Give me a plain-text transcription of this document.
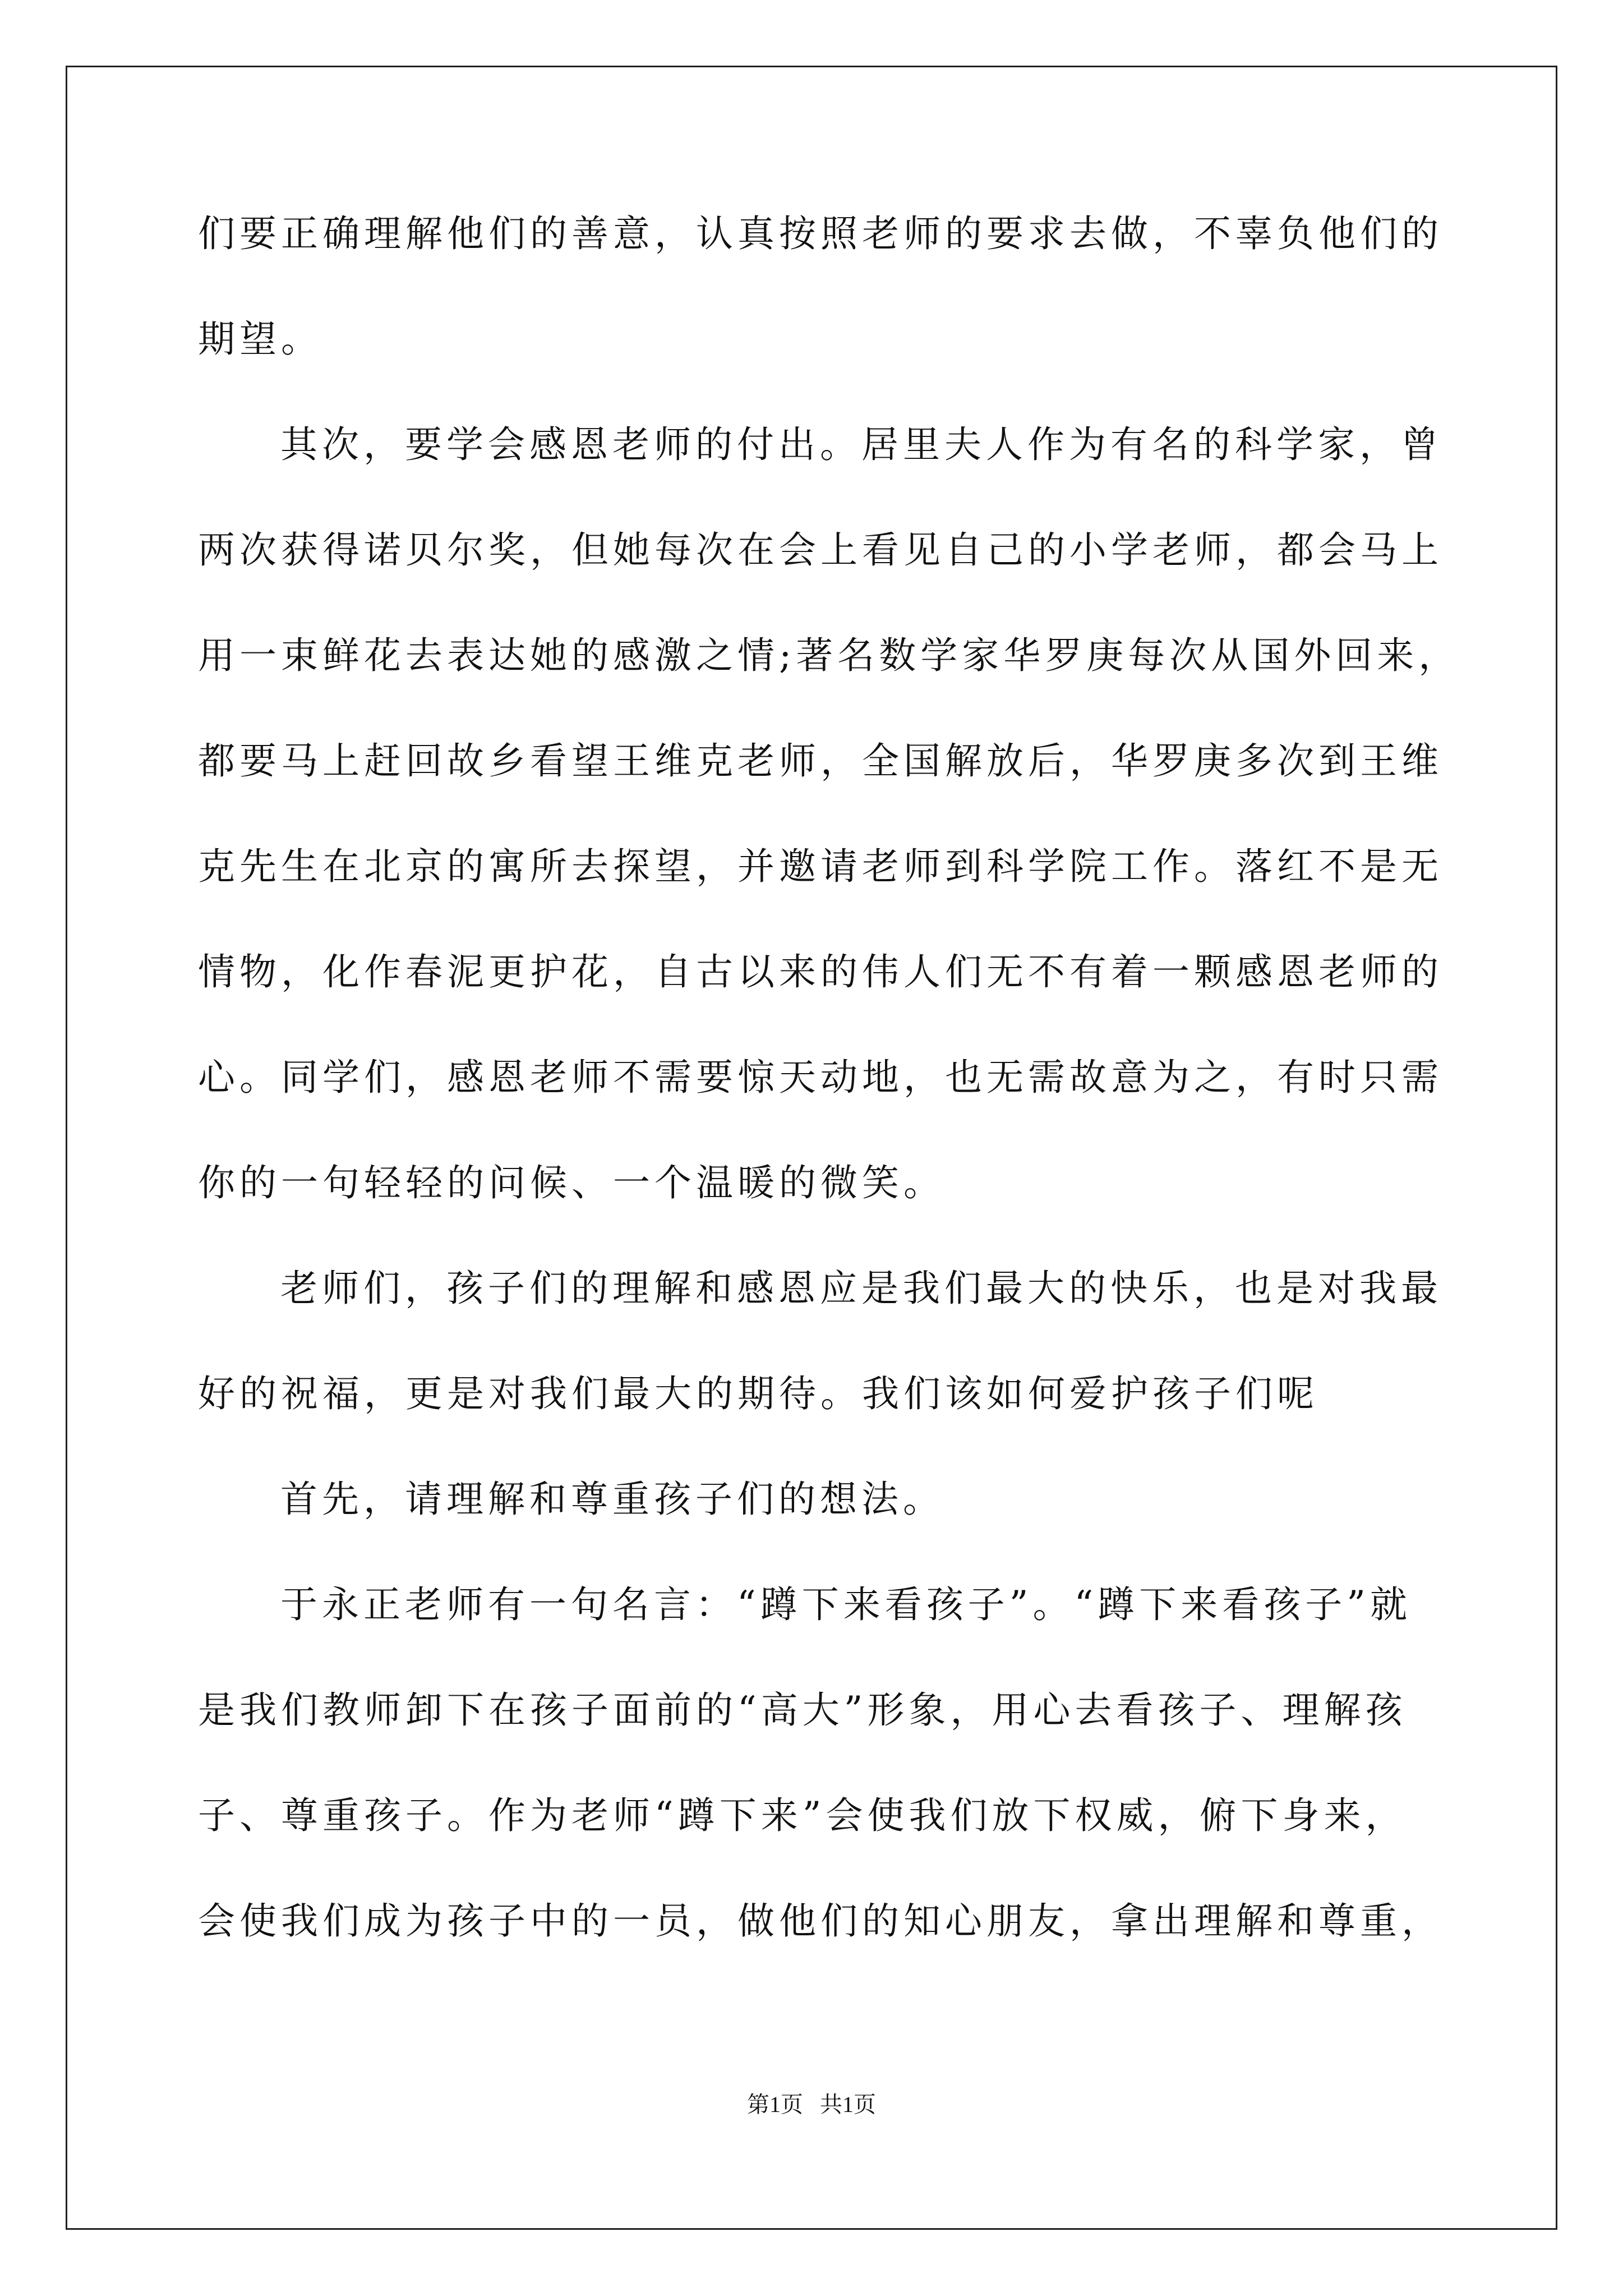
们要正确理解他们的善意，认真按照老师的要求去做，不辜负他们的
期望。
其次，要学会感恩老师的付出。居里夫人作为有名的科学家，曾
两次获得诺贝尔奖，但她每次在会上看见自己的小学老师，都会马上
用一束鲜花去表达她的感激之情;著名数学家华罗庚每次从国外回来，
都要马上赶回故乡看望王维克老师，全国解放后，华罗庚多次到王维
克先生在北京的寓所去探望，并邀请老师到科学院工作。落红不是无
情物，化作春泥更护花，自古以来的伟人们无不有着一颗感恩老师的
心。同学们，感恩老师不需要惊天动地，也无需故意为之，有时只需
你的一句轻轻的问候、一个温暖的微笑。
老师们，孩子们的理解和感恩应是我们最大的快乐，也是对我最
好的祝福，更是对我们最大的期待。我们该如何爱护孩子们呢
首先，请理解和尊重孩子们的想法。
于永正老师有一句名言：“蹲下来看孩子”。“蹲下来看孩子”就
是我们教师卸下在孩子面前的“高大”形象，用心去看孩子、理解孩
子、尊重孩子。作为老师“蹲下来”会使我们放下权威，俯下身来，
会使我们成为孩子中的一员，做他们的知心朋友，拿出理解和尊重，
第1页   共1页
